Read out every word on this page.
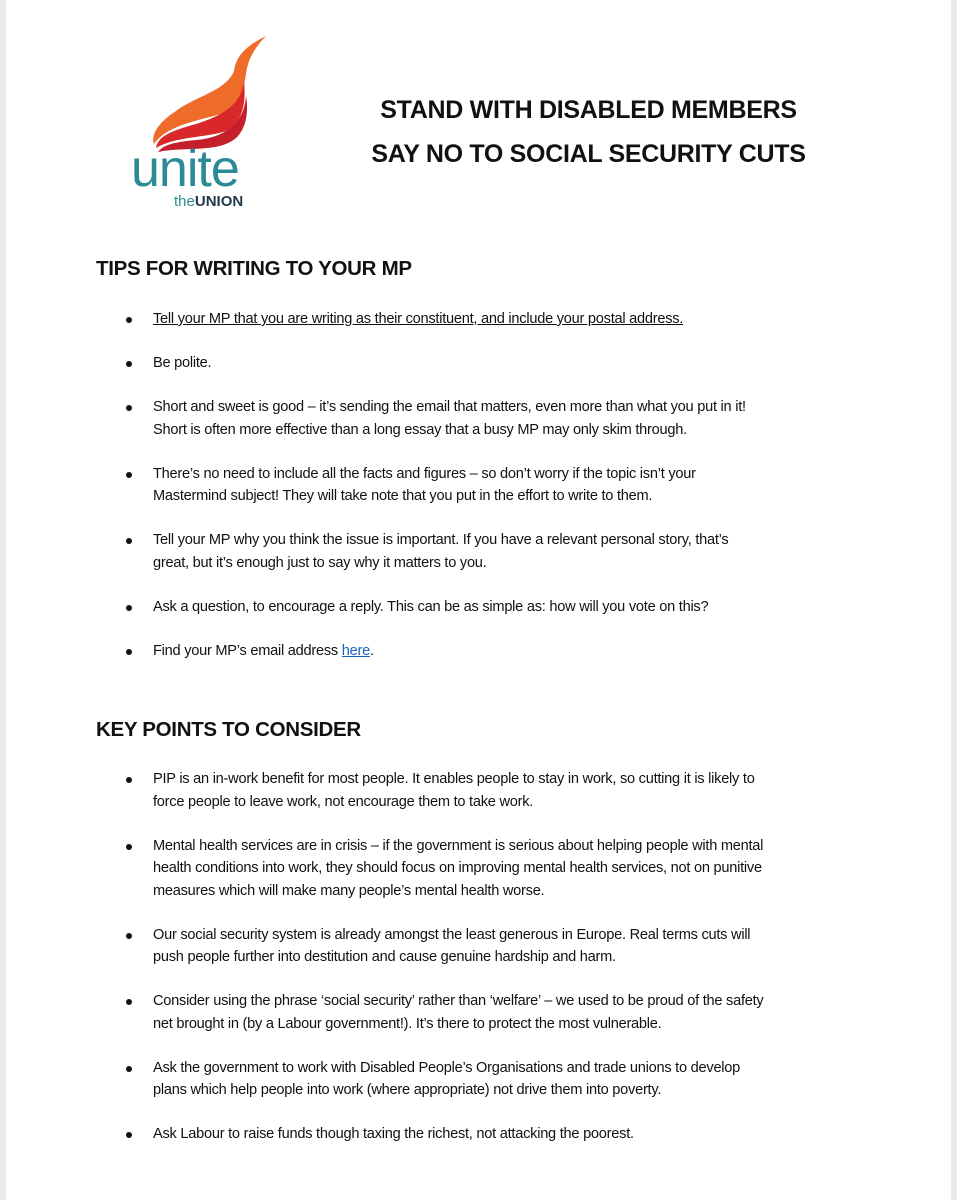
unite
theUNION
STAND WITH DISABLED MEMBERS
SAY NO TO SOCIAL SECURITY CUTS
TIPS FOR WRITING TO YOUR MP
Tell your MP that you are writing as their constituent, and include your postal address.
Be polite.
Short and sweet is good – it’s sending the email that matters, even more than what you put in it!
Short is often more effective than a long essay that a busy MP may only skim through.
There’s no need to include all the facts and figures – so don’t worry if the topic isn’t your
Mastermind subject! They will take note that you put in the effort to write to them.
Tell your MP why you think the issue is important. If you have a relevant personal story, that’s
great, but it’s enough just to say why it matters to you.
Ask a question, to encourage a reply. This can be as simple as: how will you vote on this?
Find your MP’s email address here.
KEY POINTS TO CONSIDER
PIP is an in-work benefit for most people. It enables people to stay in work, so cutting it is likely to
force people to leave work, not encourage them to take work.
Mental health services are in crisis – if the government is serious about helping people with mental
health conditions into work, they should focus on improving mental health services, not on punitive
measures which will make many people’s mental health worse.
Our social security system is already amongst the least generous in Europe. Real terms cuts will
push people further into destitution and cause genuine hardship and harm.
Consider using the phrase ‘social security’ rather than ‘welfare’ – we used to be proud of the safety
net brought in (by a Labour government!). It’s there to protect the most vulnerable.
Ask the government to work with Disabled People’s Organisations and trade unions to develop
plans which help people into work (where appropriate) not drive them into poverty.
Ask Labour to raise funds though taxing the richest, not attacking the poorest.
